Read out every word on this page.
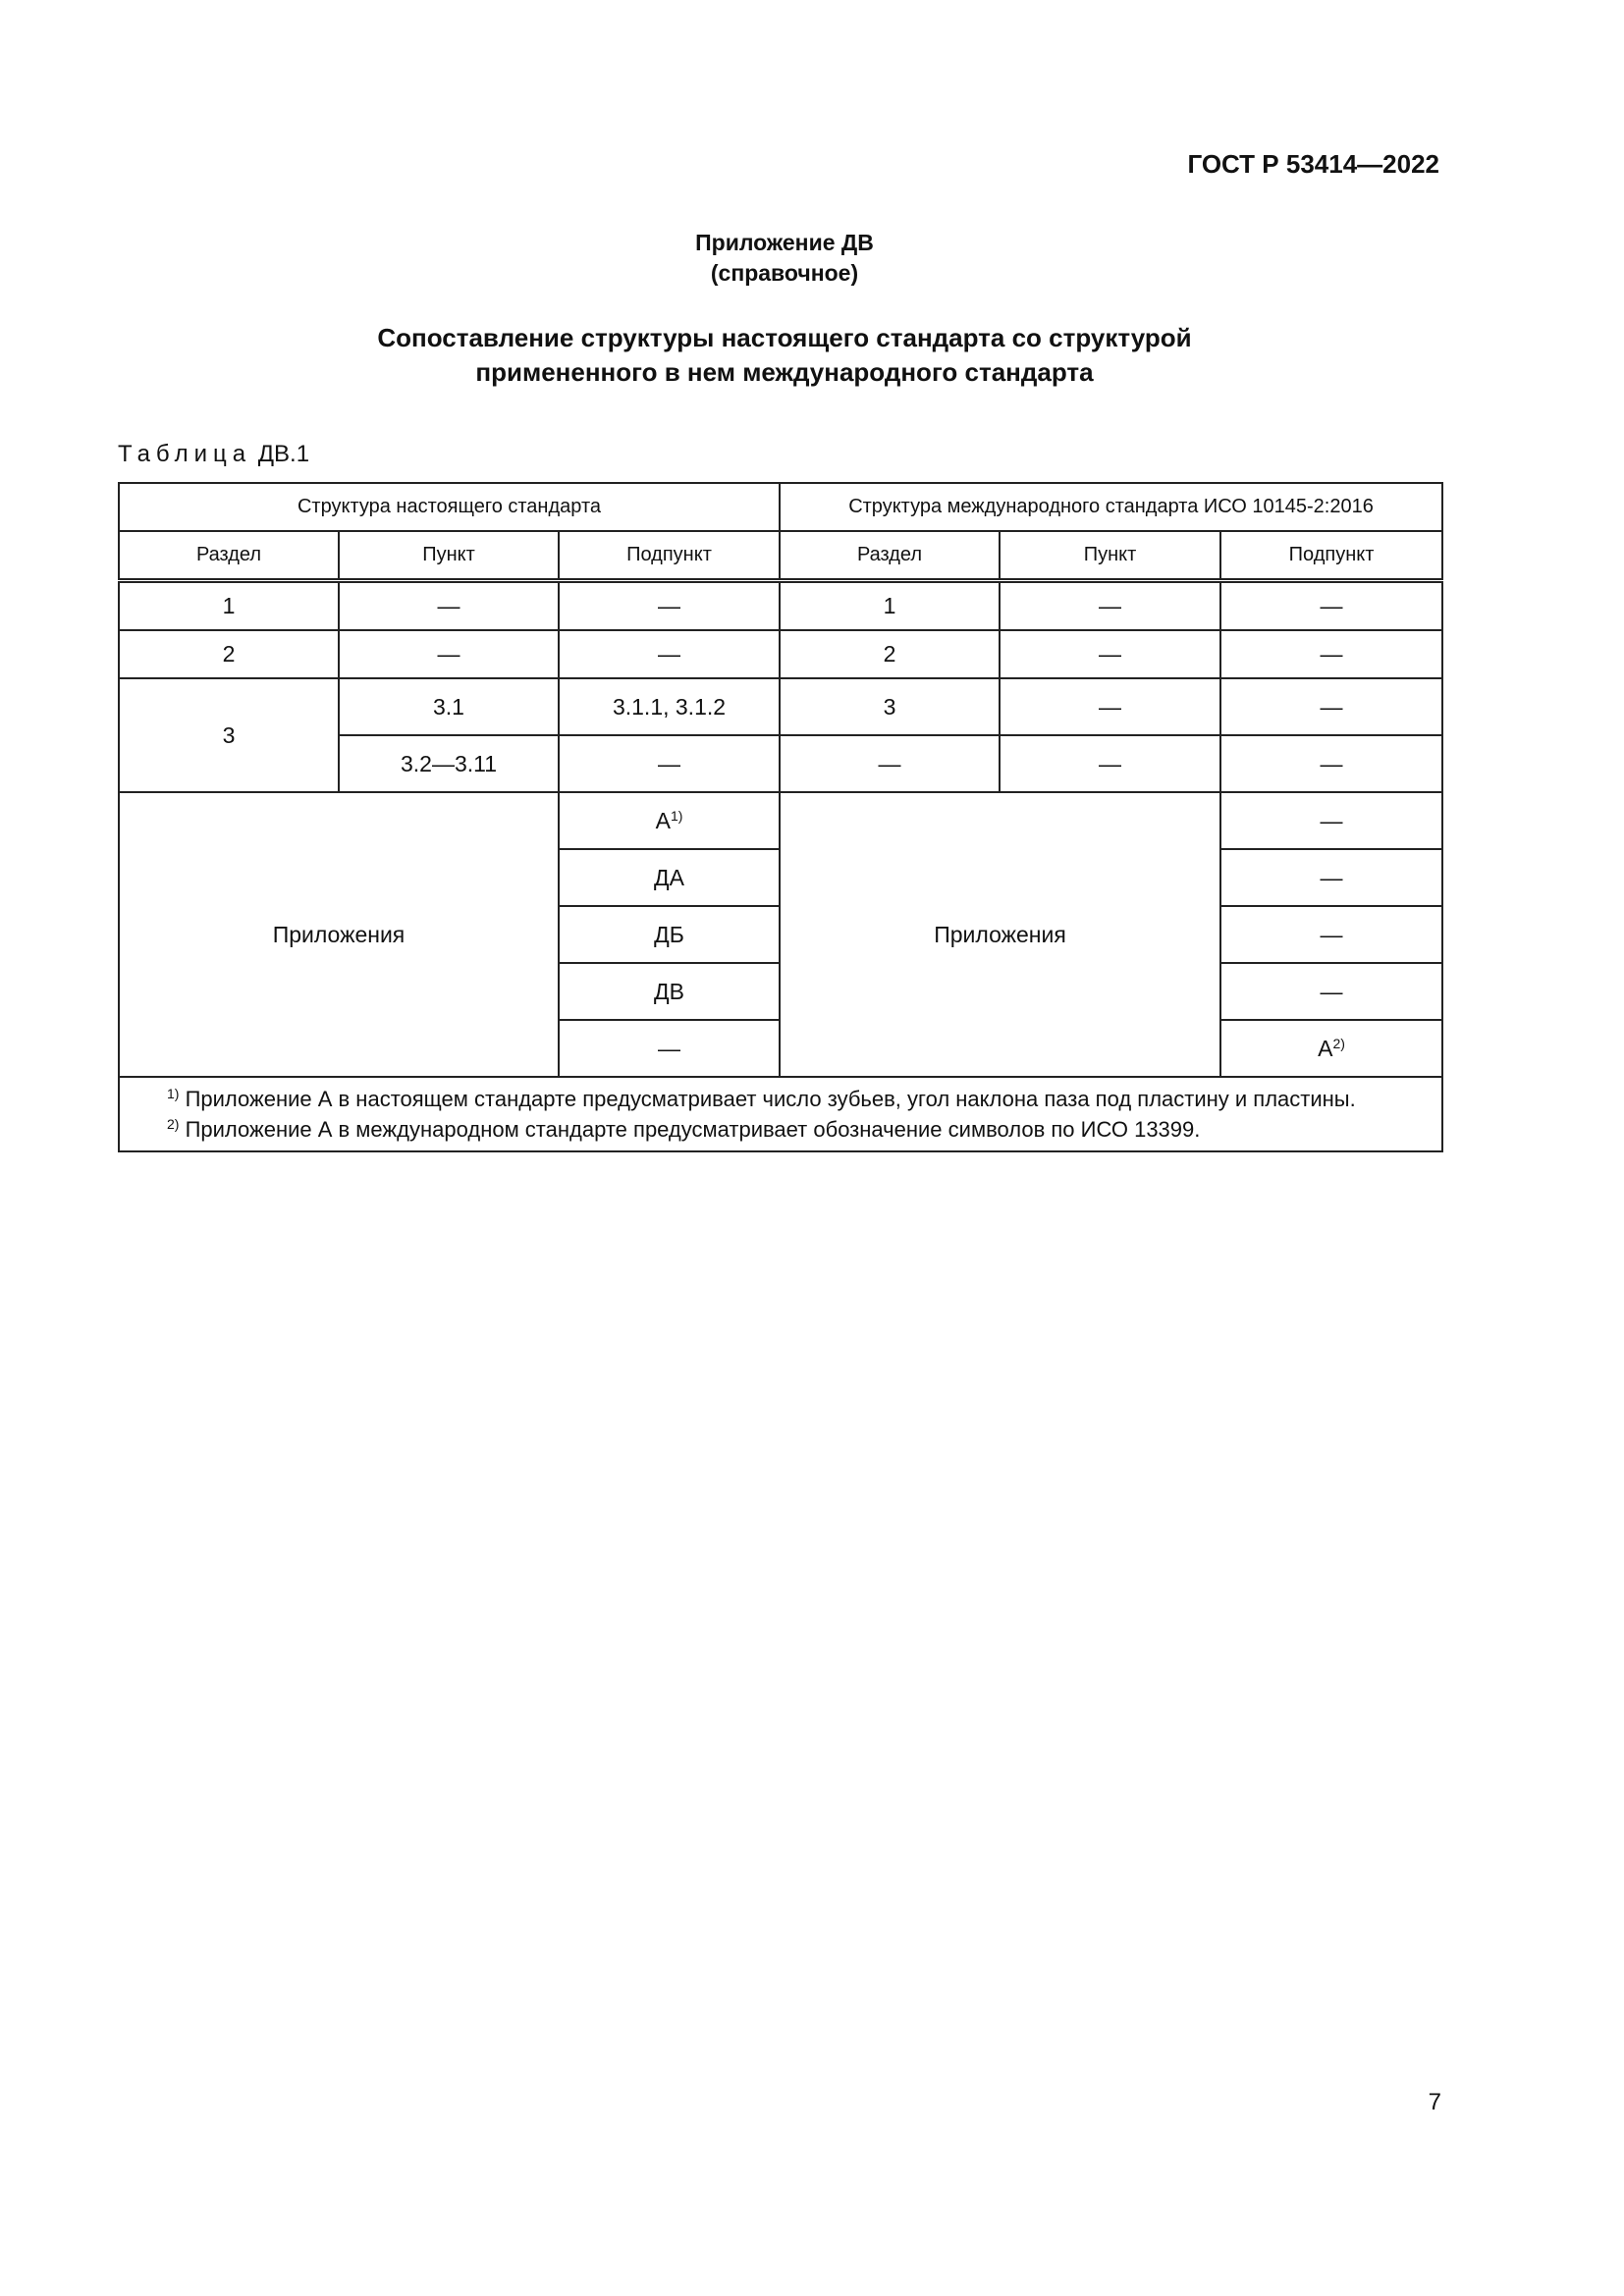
ГОСТ Р 53414—2022
Приложение ДВ
(справочное)
Сопоставление структуры настоящего стандарта со структурой
примененного в нем международного стандарта
Таблица ДВ.1
Структура настоящего стандарта			Структура международного стандарта ИСО 10145-2:2016		
Раздел	Пункт	Подпункт	Раздел	Пункт	Подпункт
1	—	—	1	—	—
2	—	—	2	—	—
3	3.1	3.1.1, 3.1.2	3	—	—
	3.2—3.11	—	—	—	—
Приложения		$А^{1)}$	Приложения		—
		ДА			—
		ДБ			—
		ДВ			—
		—			$А^{2)}$

$^{1)}$ Приложение А в настоящем стандарте предусматривает число зубьев, угол наклона паза под пластину и пластины.
$^{2)}$ Приложение А в международном стандарте предусматривает обозначение символов по ИСО 13399.					
7
